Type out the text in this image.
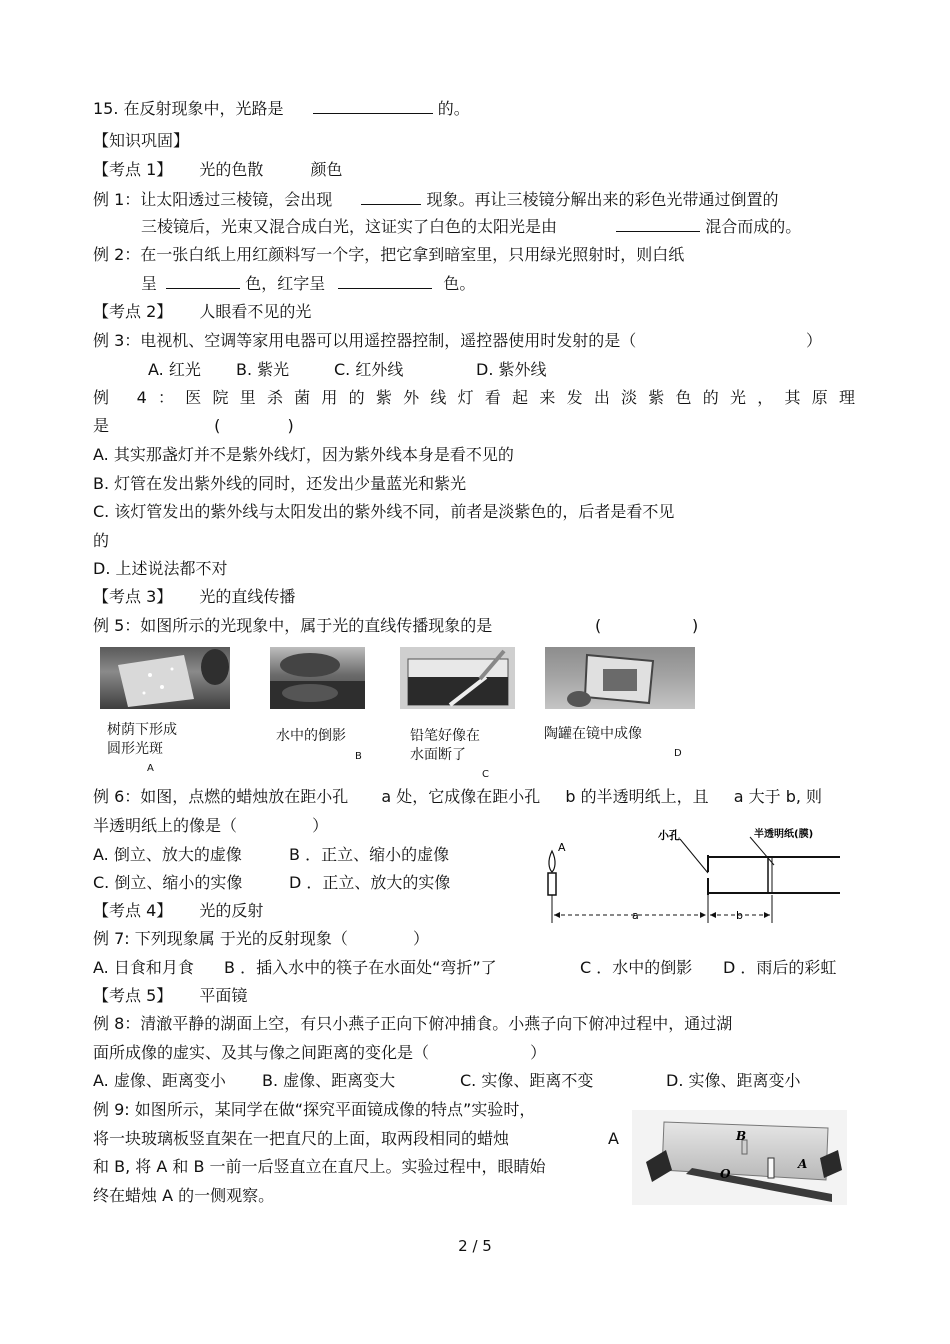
15. 在反射现象中，光路是	的。
【知识巩固】
【考点 1】 光的色散	颜色
例 1：让太阳透过三棱镜，会出现	现象。再让三棱镜分解出来的彩色光带通过倒置的
三棱镜后，光束又混合成白光，这证实了白色的太阳光是由	混合而成的。
例 2：在一张白纸上用红颜料写一个字，把它拿到暗室里，只用绿光照射时，则白纸
呈	色，红字呈	色。
【考点 2】 人眼看不见的光
例 3：电视机、空调等家用电器可以用遥控器控制，遥控器使用时发射的是（	）
A. 红光 B. 紫光	C. 红外线	D. 紫外线
例 4：医院里杀菌用的紫外线灯看起来发出淡紫色的光，其原理
是	(	)
A. 其实那盏灯并不是紫外线灯，因为紫外线本身是看不见的
B. 灯管在发出紫外线的同时，还发出少量蓝光和紫光
C. 该灯管发出的紫外线与太阳发出的紫外线不同，前者是淡紫色的，后者是看不见
的
D. 上述说法都不对
【考点 3】 光的直线传播
例 5：如图所示的光现象中，属于光的直线传播现象的是	(	)
树荫下形成
圆形光斑
A
水中的倒影
B
铅笔好像在
水面断了
C
陶罐在镜中成像
D
例 6：如图，点燃的蜡烛放在距小孔 a 处，它成像在距小孔 b 的半透明纸上，且 a 大于 b, 则
半透明纸上的像是（	）
A. 倒立、放大的虚像	B ．正立、缩小的虚像
C. 倒立、缩小的实像	D ．正立、放大的实像
A
小孔	半透明纸(膜)
a	b
【考点 4】 光的反射
例 7: 下列现象属 于光的反射现象（	）
A. 日食和月食 B ．插入水中的筷子在水面处“弯折”了	C ．水中的倒影 D ．雨后的彩虹
【考点 5】 平面镜
例 8：清澈平静的湖面上空，有只小燕子正向下俯冲捕食。小燕子向下俯冲过程中，通过湖
面所成像的虚实、及其与像之间距离的变化是（	）
A. 虚像、距离变小 B. 虚像、距离变大	C. 实像、距离不变	D. 实像、距离变小
例 9: 如图所示，某同学在做“探究平面镜成像的特点”实验时，
将一块玻璃板竖直架在一把直尺的上面，取两段相同的蜡烛	A
和 B, 将 A 和 B 一前一后竖直立在直尺上。实验过程中，眼睛始
终在蜡烛 A 的一侧观察。
B
O
A
2 / 5
